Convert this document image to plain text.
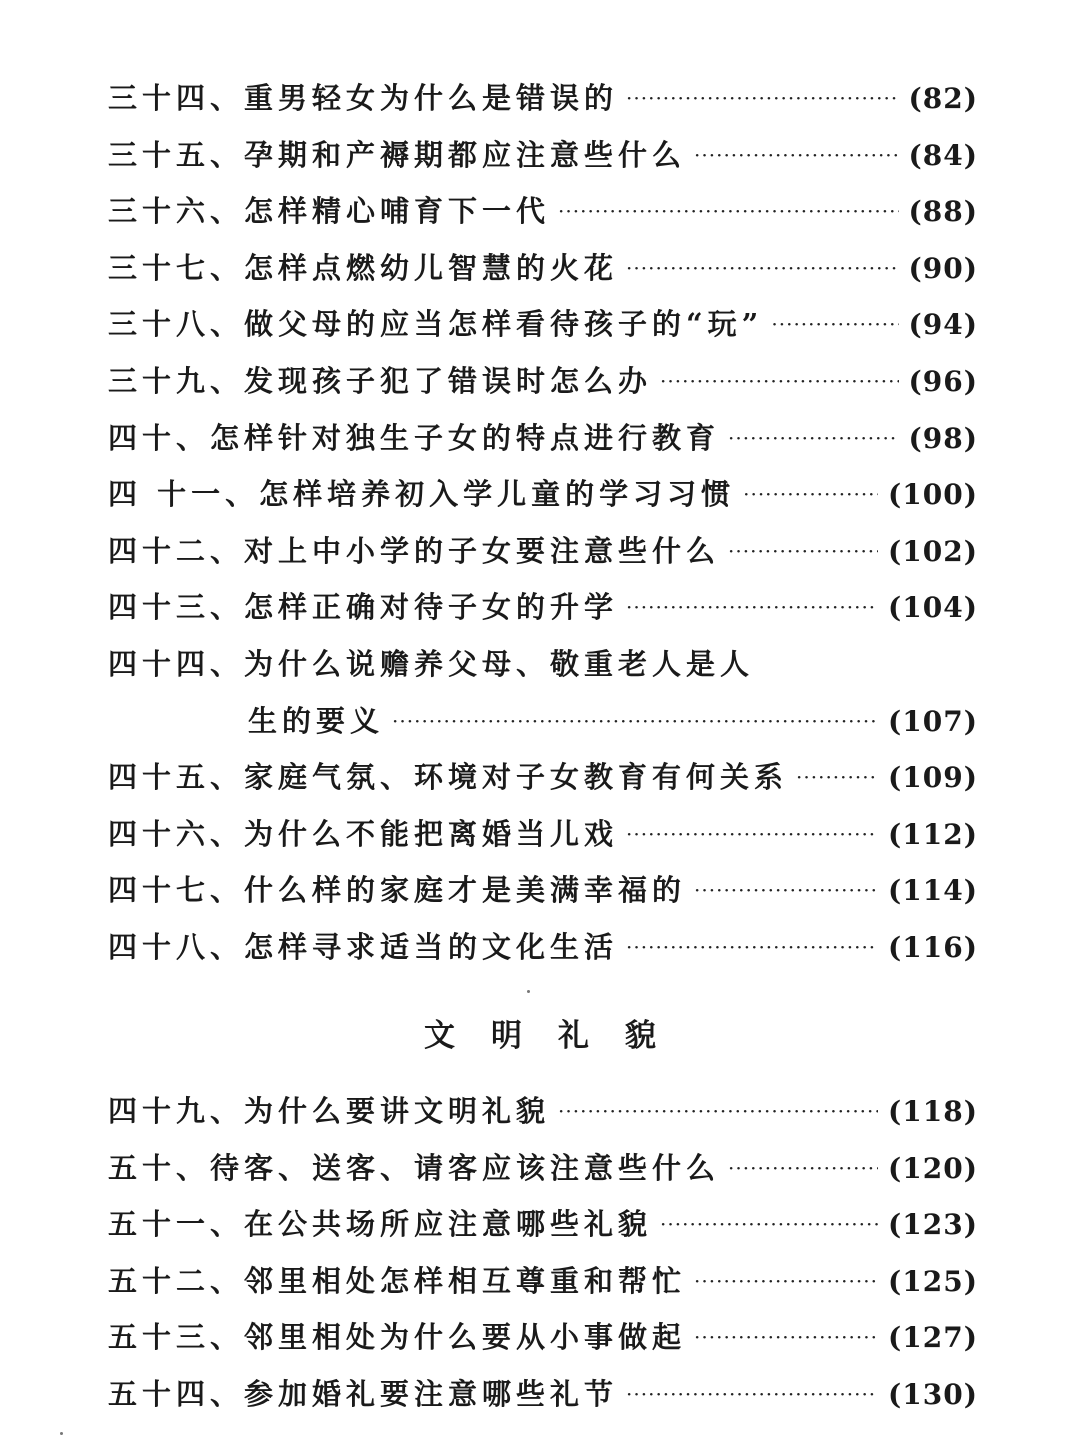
三十四、重男轻女为什么是错误的 ·····	(82)
三十五、孕期和产褥期都应注意些什么 ·····	(84)
三十六、怎样精心哺育下一代 ·····	(88)
三十七、怎样点燃幼儿智慧的火花 ·····	(90)
三十八、做父母的应当怎样看待孩子的“玩” ·····	(94)
三十九、发现孩子犯了错误时怎么办 ·····	(96)
四十、怎样针对独生子女的特点进行教育 ·····	(98)
四 十一、怎样培养初入学儿童的学习习惯 ·····	(100)
四十二、对上中小学的子女要注意些什么 ·····	(102)
四十三、怎样正确对待子女的升学 ·····	(104)
四十四、为什么说赡养父母、敬重老人是人
生的要义 ·····	(107)
四十五、家庭气氛、环境对子女教育有何关系 ·····	(109)
四十六、为什么不能把离婚当儿戏 ·····	(112)
四十七、什么样的家庭才是美满幸福的 ·····	(114)
四十八、怎样寻求适当的文化生活 ·····	(116)
文明礼貌
四十九、为什么要讲文明礼貌 ·····	(118)
五十、待客、送客、请客应该注意些什么 ·····	(120)
五十一、在公共场所应注意哪些礼貌 ·····	(123)
五十二、邻里相处怎样相互尊重和帮忙 ·····	(125)
五十三、邻里相处为什么要从小事做起 ·····	(127)
五十四、参加婚礼要注意哪些礼节 ·····	(130)
